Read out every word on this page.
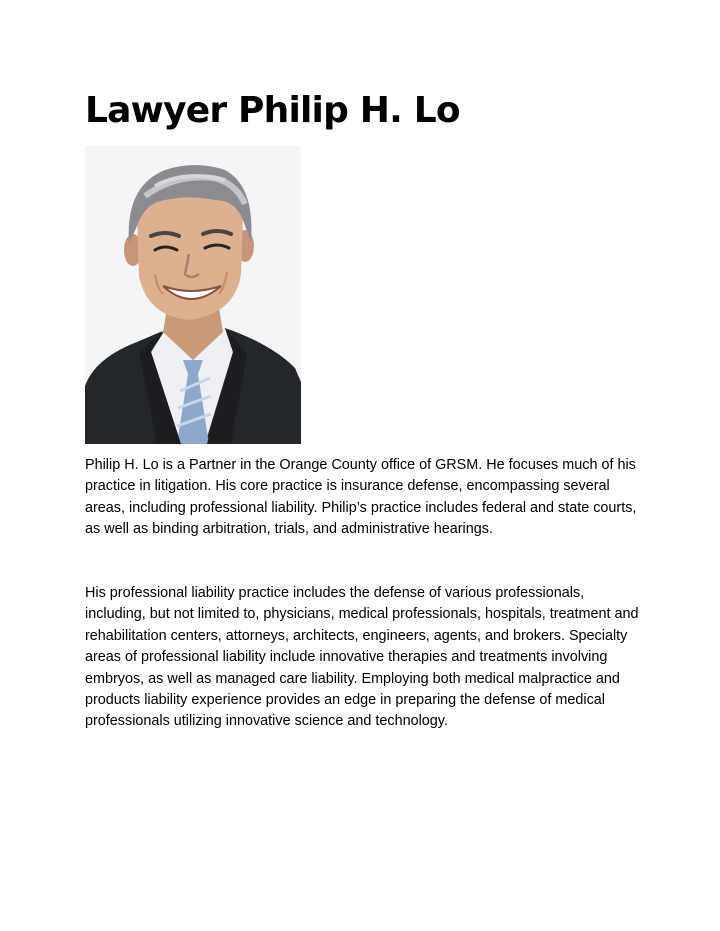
Lawyer Philip H. Lo

Philip H. Lo is a Partner in the Orange County office of GRSM. He focuses much of his practice in litigation. His core practice is insurance defense, encompassing several areas, including professional liability. Philip’s practice includes federal and state courts, as well as binding arbitration, trials, and administrative hearings.

His professional liability practice includes the defense of various professionals, including, but not limited to, physicians, medical professionals, hospitals, treatment and rehabilitation centers, attorneys, architects, engineers, agents, and brokers. Specialty areas of professional liability include innovative therapies and treatments involving embryos, as well as managed care liability. Employing both medical malpractice and products liability experience provides an edge in preparing the defense of medical professionals utilizing innovative science and technology.
